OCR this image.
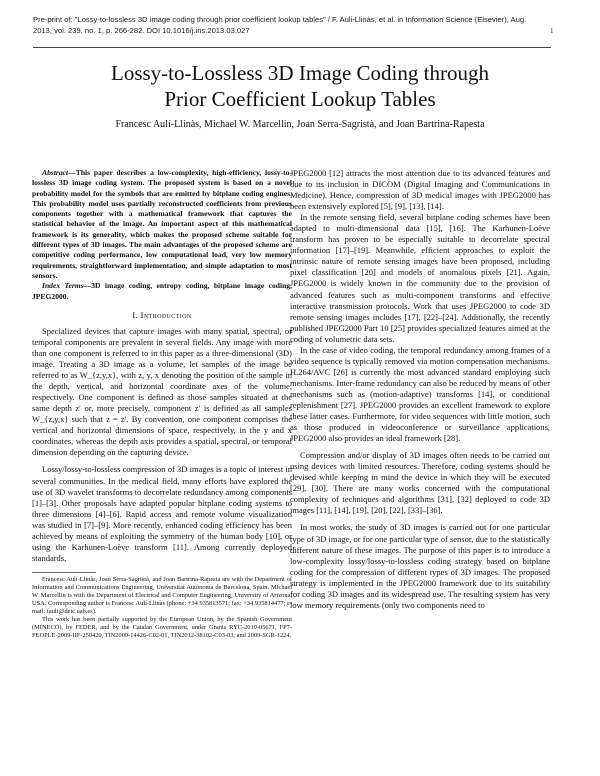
Pre-print of: "Lossy-to-lossless 3D image coding through prior coefficient lookup tables" / F. Auli-Llinàs, et al. in Information Science (Elsevier), Aug. 2013, vol. 239, no. 1, p. 266-282. DOI 10.1016/j.ins.2013.03.027	1
Lossy-to-Lossless 3D Image Coding through
Prior Coefficient Lookup Tables
Francesc Aulí-Llinàs, Michael W. Marcellin, Joan Serra-Sagristà, and Joan Bartrina-Rapesta

Abstract—This paper describes a low-complexity, high-efficiency, lossy-to-lossless 3D image coding system. The proposed system is based on a novel probability model for the symbols that are emitted by bitplane coding engines. This probability model uses partially reconstructed coefficients from previous components together with a mathematical framework that captures the statistical behavior of the image. An important aspect of this mathematical framework is its generality, which makes the proposed scheme suitable for different types of 3D images. The main advantages of the proposed scheme are competitive coding performance, low computational load, very low memory requirements, straightforward implementation, and simple adaptation to most sensors.

Index Terms—3D image coding, entropy coding, bitplane image coding, JPEG2000.

I. Introduction

Specialized devices that capture images with many spatial, spectral, or temporal components are prevalent in several fields. Any image with more than one component is referred to in this paper as a three-dimensional (3D) image. Treating a 3D image as a volume, let samples of the image be referred to as W_{z,y,x}, with z, y, x denoting the position of the sample in the depth, vertical, and horizontal coordinate axes of the volume, respectively. One component is defined as those samples situated at the same depth z′ or, more precisely, component z′ is defined as all samples W_{z,y,x} such that z = z′. By convention, one component comprises the vertical and horizontal dimensions of space, respectively, in the y and x coordinates, whereas the depth axis provides a spatial, spectral, or temporal dimension depending on the capturing device.

Lossy/lossy-to-lossless compression of 3D images is a topic of interest in several communities. In the medical field, many efforts have explored the use of 3D wavelet transforms to decorrelate redundancy among components [1]–[3]. Other proposals have adapted popular bitplane coding systems to three dimensions [4]–[6]. Rapid access and remote volume visualization was studied in [7]–[9]. More recently, enhanced coding efficiency has been achieved by means of exploiting the symmetry of the human body [10], or using the Karhunen-Loève transform [11]. Among currently deployed standards,

Francesc Aulí-Llinàs, Joan Serra-Sagristà, and Joan Bartrina-Rapesta are with the Department of Information and Communications Engineering, Universitat Autònoma de Barcelona, Spain. Michael W. Marcellin is with the Department of Electrical and Computer Engineering, University of Arizona, USA. Corresponding author is Francesc Aulí-Llinàs (phone: +34 935813571; fax: +34 935814477; e-mail: fauli@deic.uab.es).

This work has been partially supported by the European Union, by the Spanish Government (MINECO), by FEDER, and by the Catalan Government, under Grants RYC-2010-05671, FP7-PEOPLE-2009-IIF-250420, TIN2009-14426-C02-01, TIN2012-38102-C03-03, and 2009-SGR-1224.

JPEG2000 [12] attracts the most attention due to its advanced features and due to its inclusion in DICOM (Digital Imaging and Communications in Medicine). Hence, compression of 3D medical images with JPEG2000 has been extensively explored [5], [9], [13], [14].

In the remote sensing field, several bitplane coding schemes have been adapted to multi-dimensional data [15], [16]. The Karhunen-Loève transform has proven to be especially suitable to decorrelate spectral information [17]–[19]. Meanwhile, efficient approaches to exploit the intrinsic nature of remote sensing images have been proposed, including pixel classification [20] and models of anomalous pixels [21]. Again, JPEG2000 is widely known in the community due to the provision of advanced features such as multi-component transforms and effective interactive transmission protocols. Work that uses JPEG2000 to code 3D remote sensing images includes [17], [22]–[24]. Additionally, the recently published JPEG2000 Part 10 [25] provides specialized features aimed at the coding of volumetric data sets.

In the case of video coding, the temporal redundancy among frames of a video sequence is typically removed via motion compensation mechanisms. H.264/AVC [26] is currently the most advanced standard employing such mechanisms. Inter-frame redundancy can also be reduced by means of other mechanisms such as (motion-adaptive) transforms [14], or conditional replenishment [27]. JPEG2000 provides an excellent framework to explore these latter cases. Furthermore, for video sequences with little motion, such as those produced in videoconference or surveillance applications, JPEG2000 also provides an ideal framework [28].

Compression and/or display of 3D images often needs to be carried out using devices with limited resources. Therefore, coding systems should be devised while keeping in mind the device in which they will be executed [29], [30]. There are many works concerned with the computational complexity of techniques and algorithms [31], [32] deployed to code 3D images [11], [14], [19], [20], [22], [33]–[36].

In most works, the study of 3D images is carried out for one particular type of 3D image, or for one particular type of sensor, due to the statistically different nature of these images. The purpose of this paper is to introduce a low-complexity lossy/lossy-to-lossless coding strategy based on bitplane coding for the compression of different types of 3D images. The proposed strategy is implemented in the JPEG2000 framework due to its suitability for coding 3D images and its widespread use. The resulting system has very low memory requirements (only two components need to
